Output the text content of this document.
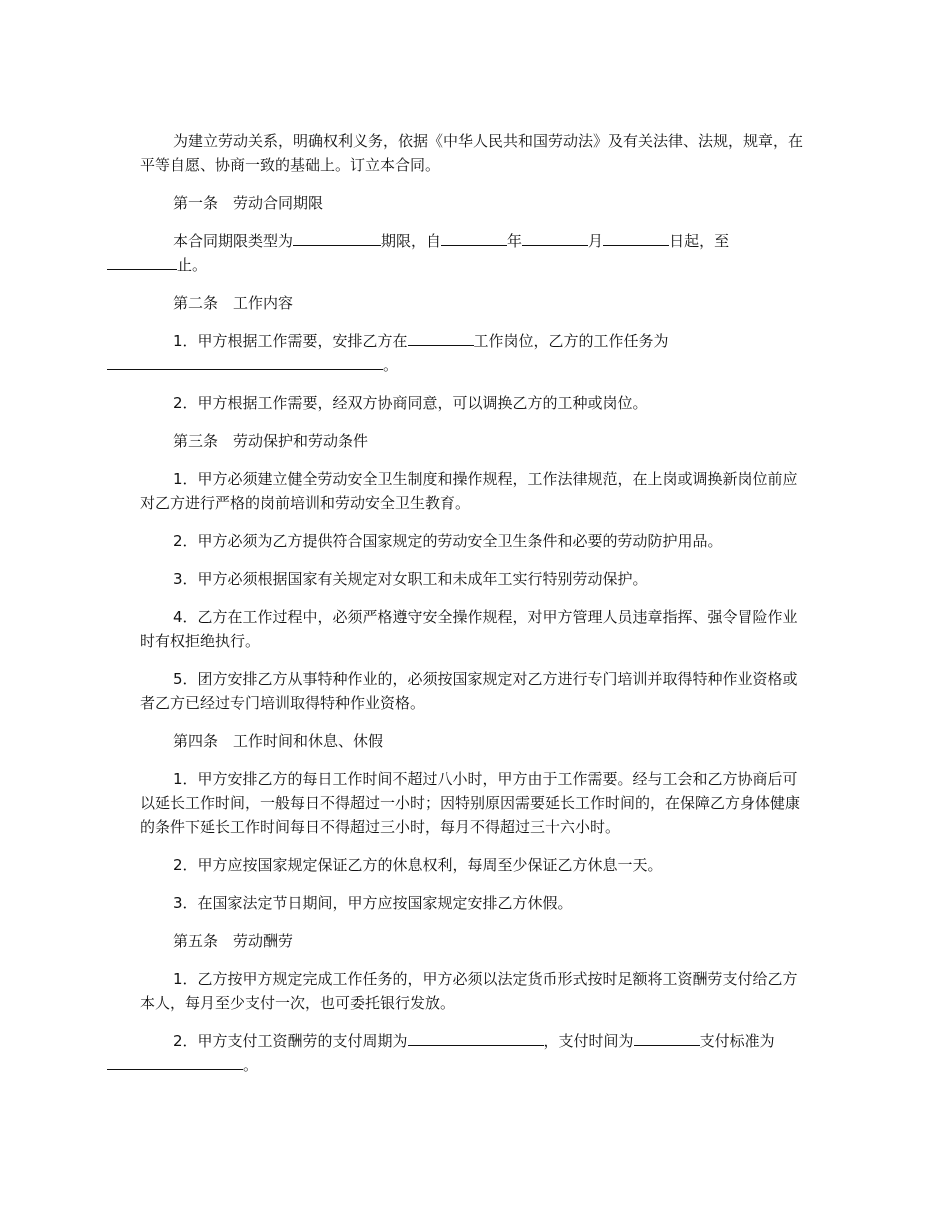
为建立劳动关系，明确权利义务，依据《中华人民共和国劳动法》及有关法律、法规，规章，在平等自愿、协商一致的基础上。订立本合同。

第一条　劳动合同期限

本合同期限类型为	期限，自	年	月	日起，至
止。

第二条　工作内容

1．甲方根据工作需要，安排乙方在	工作岗位，乙方的工作任务为
。

2．甲方根据工作需要，经双方协商同意，可以调换乙方的工种或岗位。

第三条　劳动保护和劳动条件

1．甲方必须建立健全劳动安全卫生制度和操作规程，工作法律规范，在上岗或调换新岗位前应对乙方进行严格的岗前培训和劳动安全卫生教育。

2．甲方必须为乙方提供符合国家规定的劳动安全卫生条件和必要的劳动防护用品。

3．甲方必须根据国家有关规定对女职工和未成年工实行特别劳动保护。

4．乙方在工作过程中，必须严格遵守安全操作规程，对甲方管理人员违章指挥、强令冒险作业时有权拒绝执行。

5．团方安排乙方从事特种作业的，必须按国家规定对乙方进行专门培训并取得特种作业资格或者乙方已经过专门培训取得特种作业资格。

第四条　工作时间和休息、休假

1．甲方安排乙方的每日工作时间不超过八小时，甲方由于工作需要。经与工会和乙方协商后可以延长工作时间，一般每日不得超过一小时；因特别原因需要延长工作时间的，在保障乙方身体健康的条件下延长工作时间每日不得超过三小时，每月不得超过三十六小时。

2．甲方应按国家规定保证乙方的休息权利，每周至少保证乙方休息一天。

3．在国家法定节日期间，甲方应按国家规定安排乙方休假。

第五条　劳动酬劳

1．乙方按甲方规定完成工作任务的，甲方必须以法定货币形式按时足额将工资酬劳支付给乙方本人，每月至少支付一次，也可委托银行发放。

2．甲方支付工资酬劳的支付周期为	，支付时间为	支付标准为
。
